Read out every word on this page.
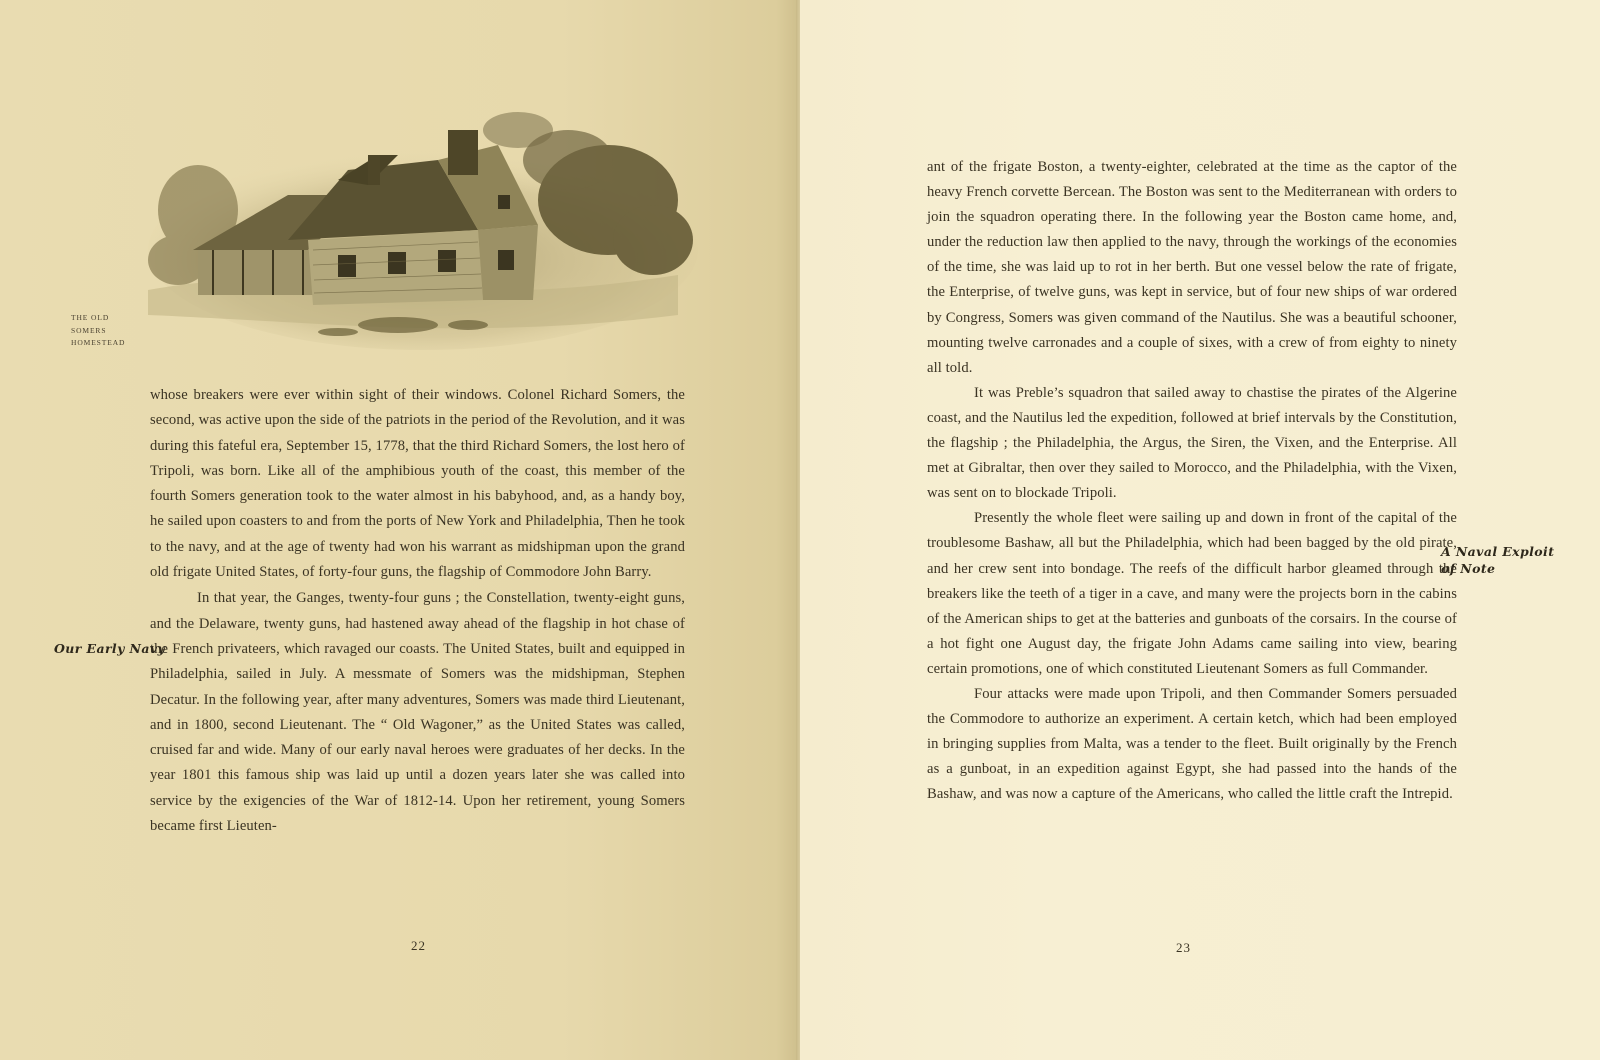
THE OLD
SOMERS
HOMESTEAD

whose breakers were ever within sight of their windows. Colonel Richard Somers, the second, was active upon the side of the patriots in the period of the Revolution, and it was during this fateful era, September 15, 1778, that the third Richard Somers, the lost hero of Tripoli, was born. Like all of the amphibious youth of the coast, this member of the fourth Somers generation took to the water almost in his babyhood, and, as a handy boy, he sailed upon coasters to and from the ports of New York and Philadelphia, Then he took to the navy, and at the age of twenty had won his warrant as midshipman upon the grand old frigate United States, of forty-four guns, the flagship of Commodore John Barry.

In that year, the Ganges, twenty-four guns ; the Constellation, twenty-eight guns, and the Delaware, twenty guns, had hastened away ahead of the flagship in hot chase of the French privateers, which ravaged our coasts. The United States, built and equipped in Philadelphia, sailed in July. A messmate of Somers was the midshipman, Stephen Decatur. In the following year, after many adventures, Somers was made third Lieutenant, and in 1800, second Lieutenant. The “ Old Wagoner,” as the United States was called, cruised far and wide. Many of our early naval heroes were graduates of her decks. In the year 1801 this famous ship was laid up until a dozen years later she was called into service by the exigencies of the War of 1812-14. Upon her retirement, young Somers became first Lieuten-

Our Early Navy
22

ant of the frigate Boston, a twenty-eighter, celebrated at the time as the captor of the heavy French corvette Bercean. The Boston was sent to the Mediterranean with orders to join the squadron operating there. In the following year the Boston came home, and, under the reduction law then applied to the navy, through the workings of the economies of the time, she was laid up to rot in her berth. But one vessel below the rate of frigate, the Enterprise, of twelve guns, was kept in service, but of four new ships of war ordered by Congress, Somers was given command of the Nautilus. She was a beautiful schooner, mounting twelve carronades and a couple of sixes, with a crew of from eighty to ninety all told.

It was Preble’s squadron that sailed away to chastise the pirates of the Algerine coast, and the Nautilus led the expedition, followed at brief intervals by the Constitution, the flagship ; the Philadelphia, the Argus, the Siren, the Vixen, and the Enterprise. All met at Gibraltar, then over they sailed to Morocco, and the Philadelphia, with the Vixen, was sent on to blockade Tripoli.

Presently the whole fleet were sailing up and down in front of the capital of the troublesome Bashaw, all but the Philadelphia, which had been bagged by the old pirate, and her crew sent into bondage. The reefs of the difficult harbor gleamed through the breakers like the teeth of a tiger in a cave, and many were the projects born in the cabins of the American ships to get at the batteries and gunboats of the corsairs. In the course of a hot fight one August day, the frigate John Adams came sailing into view, bearing certain promotions, one of which constituted Lieutenant Somers as full Commander.

Four attacks were made upon Tripoli, and then Commander Somers persuaded the Commodore to authorize an experiment. A certain ketch, which had been employed in bringing supplies from Malta, was a tender to the fleet. Built originally by the French as a gunboat, in an expedition against Egypt, she had passed into the hands of the Bashaw, and was now a capture of the Americans, who called the little craft the Intrepid.

A Naval Exploit
of Note
23
